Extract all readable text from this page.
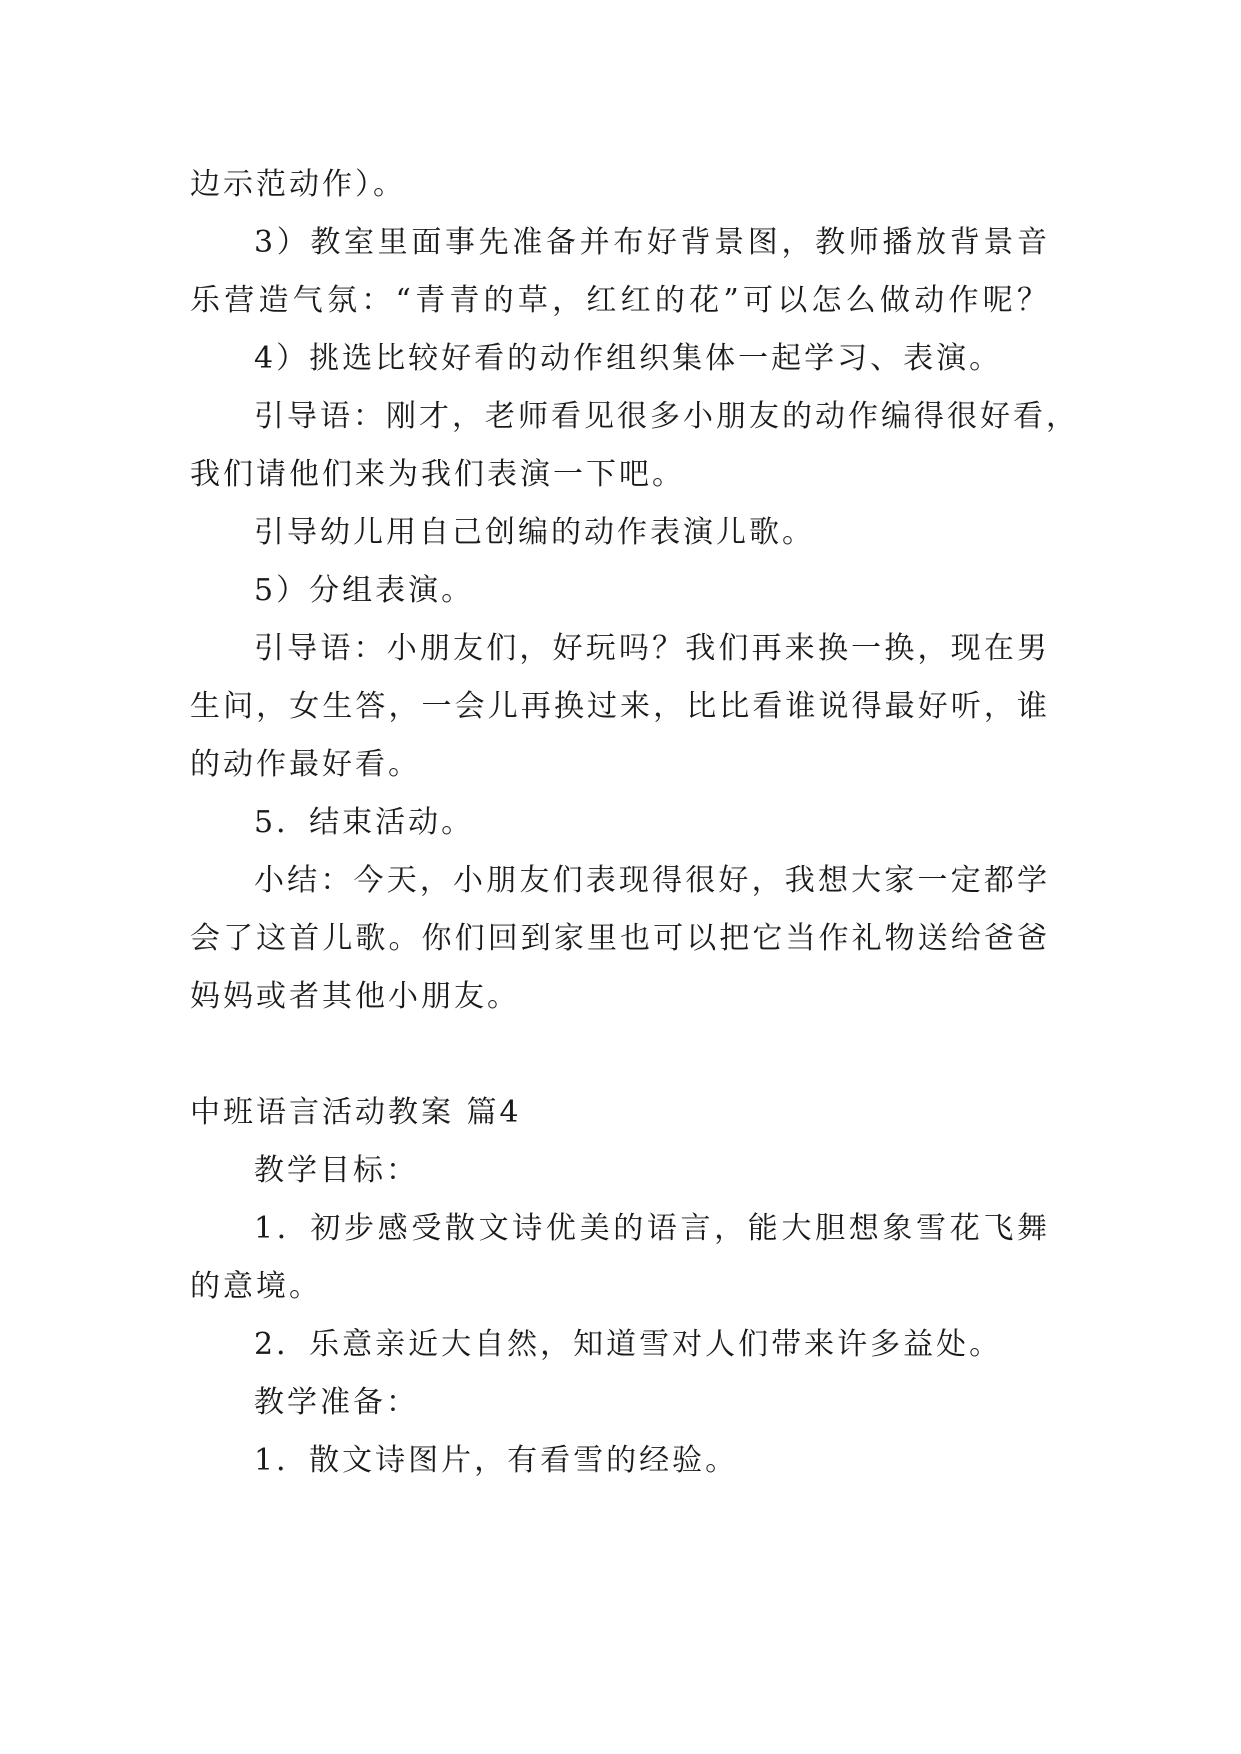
边示范动作）。
3）教室里面事先准备并布好背景图，教师播放背景音
乐营造气氛：“青青的草，红红的花”可以怎么做动作呢？
4）挑选比较好看的动作组织集体一起学习、表演。
引导语：刚才，老师看见很多小朋友的动作编得很好看，
我们请他们来为我们表演一下吧。
引导幼儿用自己创编的动作表演儿歌。
5）分组表演。
引导语：小朋友们，好玩吗？我们再来换一换，现在男
生问，女生答，一会儿再换过来，比比看谁说得最好听，谁
的动作最好看。
5．结束活动。
小结：今天，小朋友们表现得很好，我想大家一定都学
会了这首儿歌。你们回到家里也可以把它当作礼物送给爸爸
妈妈或者其他小朋友。
中班语言活动教案 篇4
教学目标：
1．初步感受散文诗优美的语言，能大胆想象雪花飞舞
的意境。
2．乐意亲近大自然，知道雪对人们带来许多益处。
教学准备：
1．散文诗图片，有看雪的经验。
